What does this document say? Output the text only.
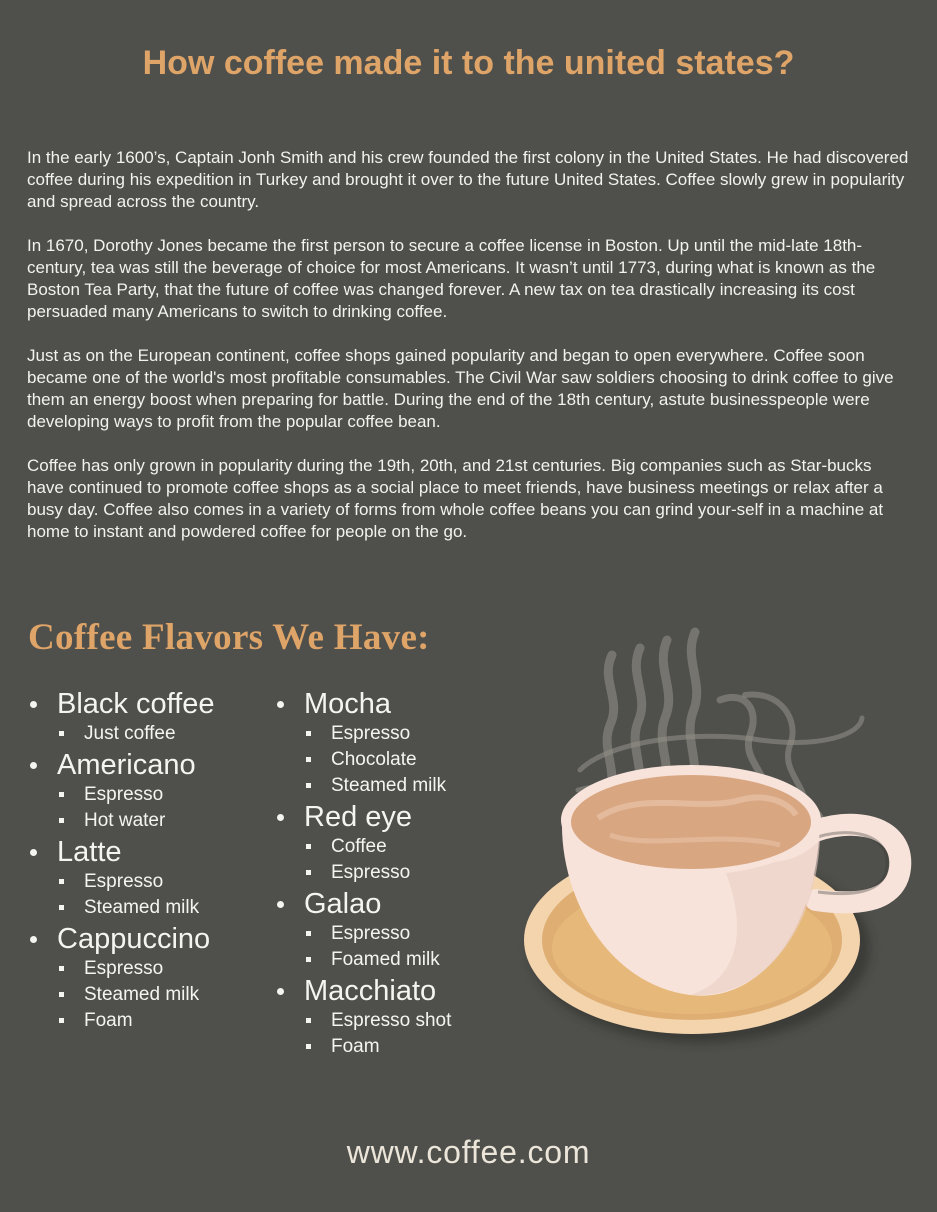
How coffee made it to the united states?

In the early 1600’s, Captain Jonh Smith and his crew founded the first colony in the United States. He had discovered coffee during his expedition in Turkey and brought it over to the future United States. Coffee slowly grew in popularity and spread across the country.

In 1670, Dorothy Jones became the first person to secure a coffee license in Boston. Up until the mid-late 18th-century, tea was still the beverage of choice for most Americans. It wasn’t until 1773, during what is known as the Boston Tea Party, that the future of coffee was changed forever. A new tax on tea drastically increasing its cost persuaded many Americans to switch to drinking coffee.

Just as on the European continent, coffee shops gained popularity and began to open everywhere. Coffee soon became one of the world's most profitable consumables. The Civil War saw soldiers choosing to drink coffee to give them an energy boost when preparing for battle. During the end of the 18th century, astute businesspeople were developing ways to profit from the popular coffee bean.

Coffee has only grown in popularity during the 19th, 20th, and 21st centuries. Big companies such as Star-bucks have continued to promote coffee shops as a social place to meet friends, have business meetings or relax after a busy day. Coffee also comes in a variety of forms from whole coffee beans you can grind your-self in a machine at home to instant and powdered coffee for people on the go.

Coffee Flavors We Have:
Black coffee
Just coffee
Americano
Espresso
Hot water
Latte
Espresso
Steamed milk
Cappuccino
Espresso
Steamed milk
Foam
Mocha
Espresso
Chocolate
Steamed milk
Red eye
Coffee
Espresso
Galao
Espresso
Foamed milk
Macchiato
Espresso shot
Foam
www.coffee.com
